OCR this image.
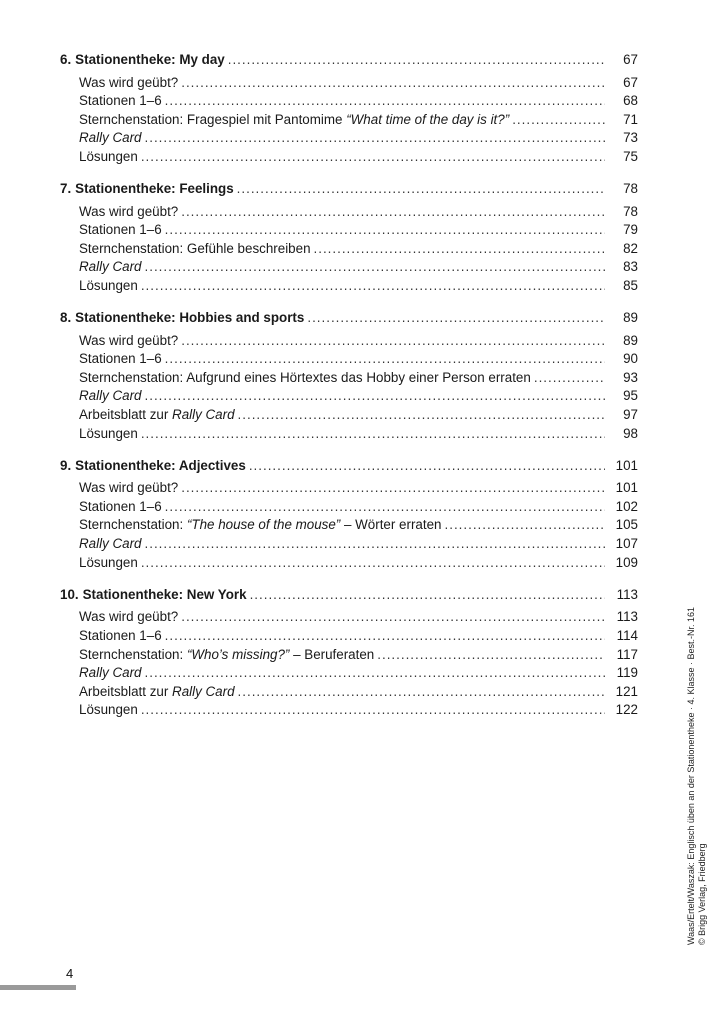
6. Stationentheke: My day .....	67
Was wird geübt? .....	67
Stationen 1–6 .....	68
Sternchenstation: Fragespiel mit Pantomime “What time of the day is it?” .....	71
Rally Card .....	73
Lösungen .....	75
7. Stationentheke: Feelings .....	78
Was wird geübt? .....	78
Stationen 1–6 .....	79
Sternchenstation: Gefühle beschreiben .....	82
Rally Card .....	83
Lösungen .....	85
8. Stationentheke: Hobbies and sports .....	89
Was wird geübt? .....	89
Stationen 1–6 .....	90
Sternchenstation: Aufgrund eines Hörtextes das Hobby einer Person erraten .....	93
Rally Card .....	95
Arbeitsblatt zur Rally Card .....	97
Lösungen .....	98
9. Stationentheke: Adjectives .....	101
Was wird geübt? .....	101
Stationen 1–6 .....	102
Sternchenstation: “The house of the mouse” – Wörter erraten .....	105
Rally Card .....	107
Lösungen .....	109
10. Stationentheke: New York .....	113
Was wird geübt? .....	113
Stationen 1–6 .....	114
Sternchenstation: “Who’s missing?” – Beruferaten .....	117
Rally Card .....	119
Arbeitsblatt zur Rally Card .....	121
Lösungen .....	122	Waas/Ertelt/Waszak: Englisch üben an der Stationentheke · 4. Klasse · Best.-Nr. 161 © Brigg Verlag, Friedberg
4
